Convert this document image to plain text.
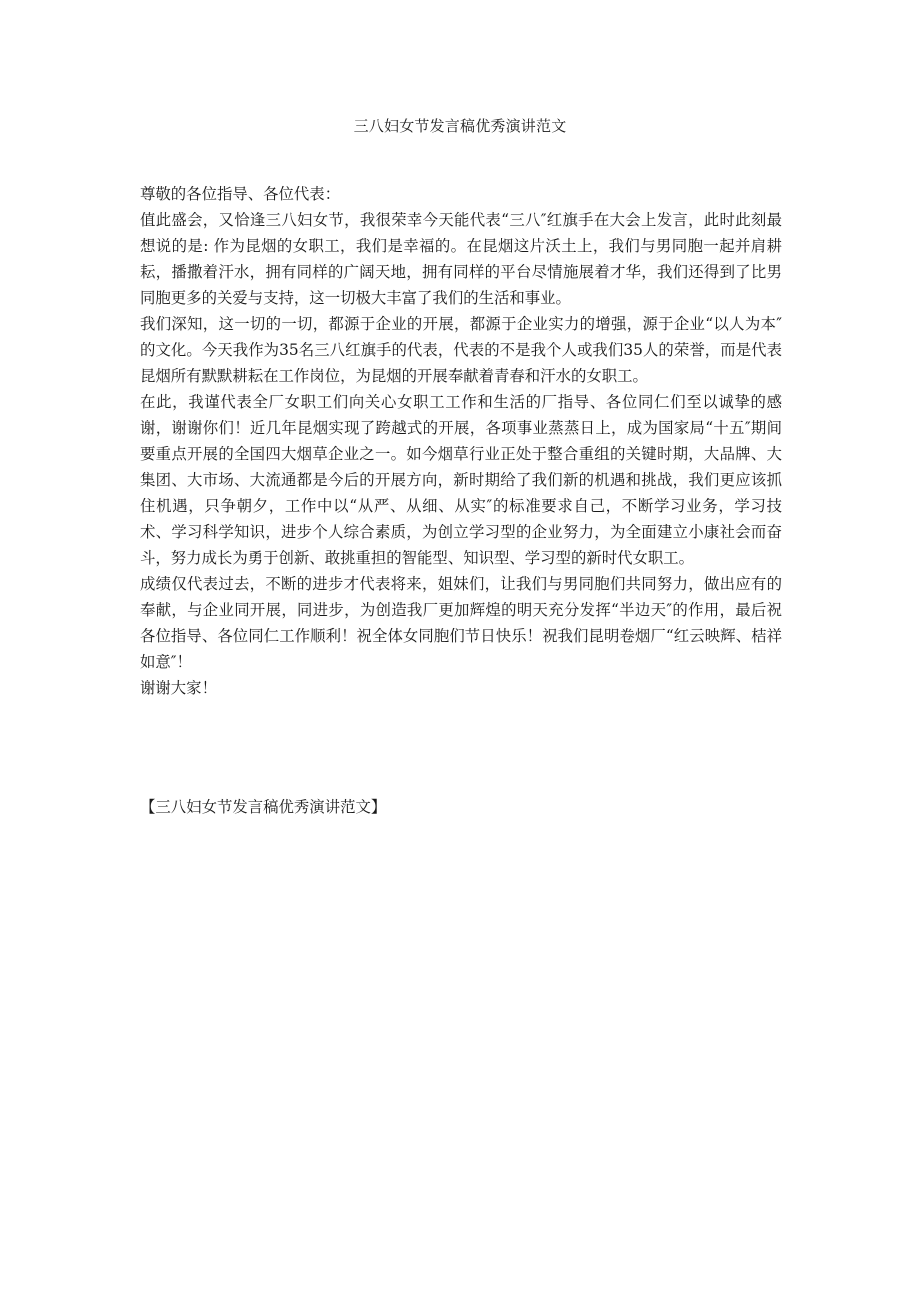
三八妇女节发言稿优秀演讲范文

尊敬的各位指导、各位代表：

值此盛会，又恰逢三八妇女节，我很荣幸今天能代表“三八″红旗手在大会上发言，此时此刻最想说的是: 作为昆烟的女职工，我们是幸福的。在昆烟这片沃土上，我们与男同胞一起并肩耕耘，播撒着汗水，拥有同样的广阔天地，拥有同样的平台尽情施展着才华，我们还得到了比男同胞更多的关爱与支持，这一切极大丰富了我们的生活和事业。

我们深知，这一切的一切，都源于企业的开展，都源于企业实力的增强，源于企业“以人为本″的文化。今天我作为35名三八红旗手的代表，代表的不是我个人或我们35人的荣誉，而是代表昆烟所有默默耕耘在工作岗位，为昆烟的开展奉献着青春和汗水的女职工。

在此，我谨代表全厂女职工们向关心女职工工作和生活的厂指导、各位同仁们至以诚挚的感谢，谢谢你们！近几年昆烟实现了跨越式的开展，各项事业蒸蒸日上，成为国家局“十五″期间要重点开展的全国四大烟草企业之一。如今烟草行业正处于整合重组的关键时期，大品牌、大集团、大市场、大流通都是今后的开展方向，新时期给了我们新的机遇和挑战，我们更应该抓住机遇，只争朝夕，工作中以“从严、从细、从实″的标准要求自己，不断学习业务，学习技术、学习科学知识，进步个人综合素质，为创立学习型的企业努力，为全面建立小康社会而奋斗，努力成长为勇于创新、敢挑重担的智能型、知识型、学习型的新时代女职工。

成绩仅代表过去，不断的进步才代表将来，姐妹们，让我们与男同胞们共同努力，做出应有的奉献，与企业同开展，同进步，为创造我厂更加辉煌的明天充分发挥“半边天″的作用，最后祝各位指导、各位同仁工作顺利！祝全体女同胞们节日快乐！祝我们昆明卷烟厂“红云映辉、桔祥如意″！

谢谢大家！

【三八妇女节发言稿优秀演讲范文】
